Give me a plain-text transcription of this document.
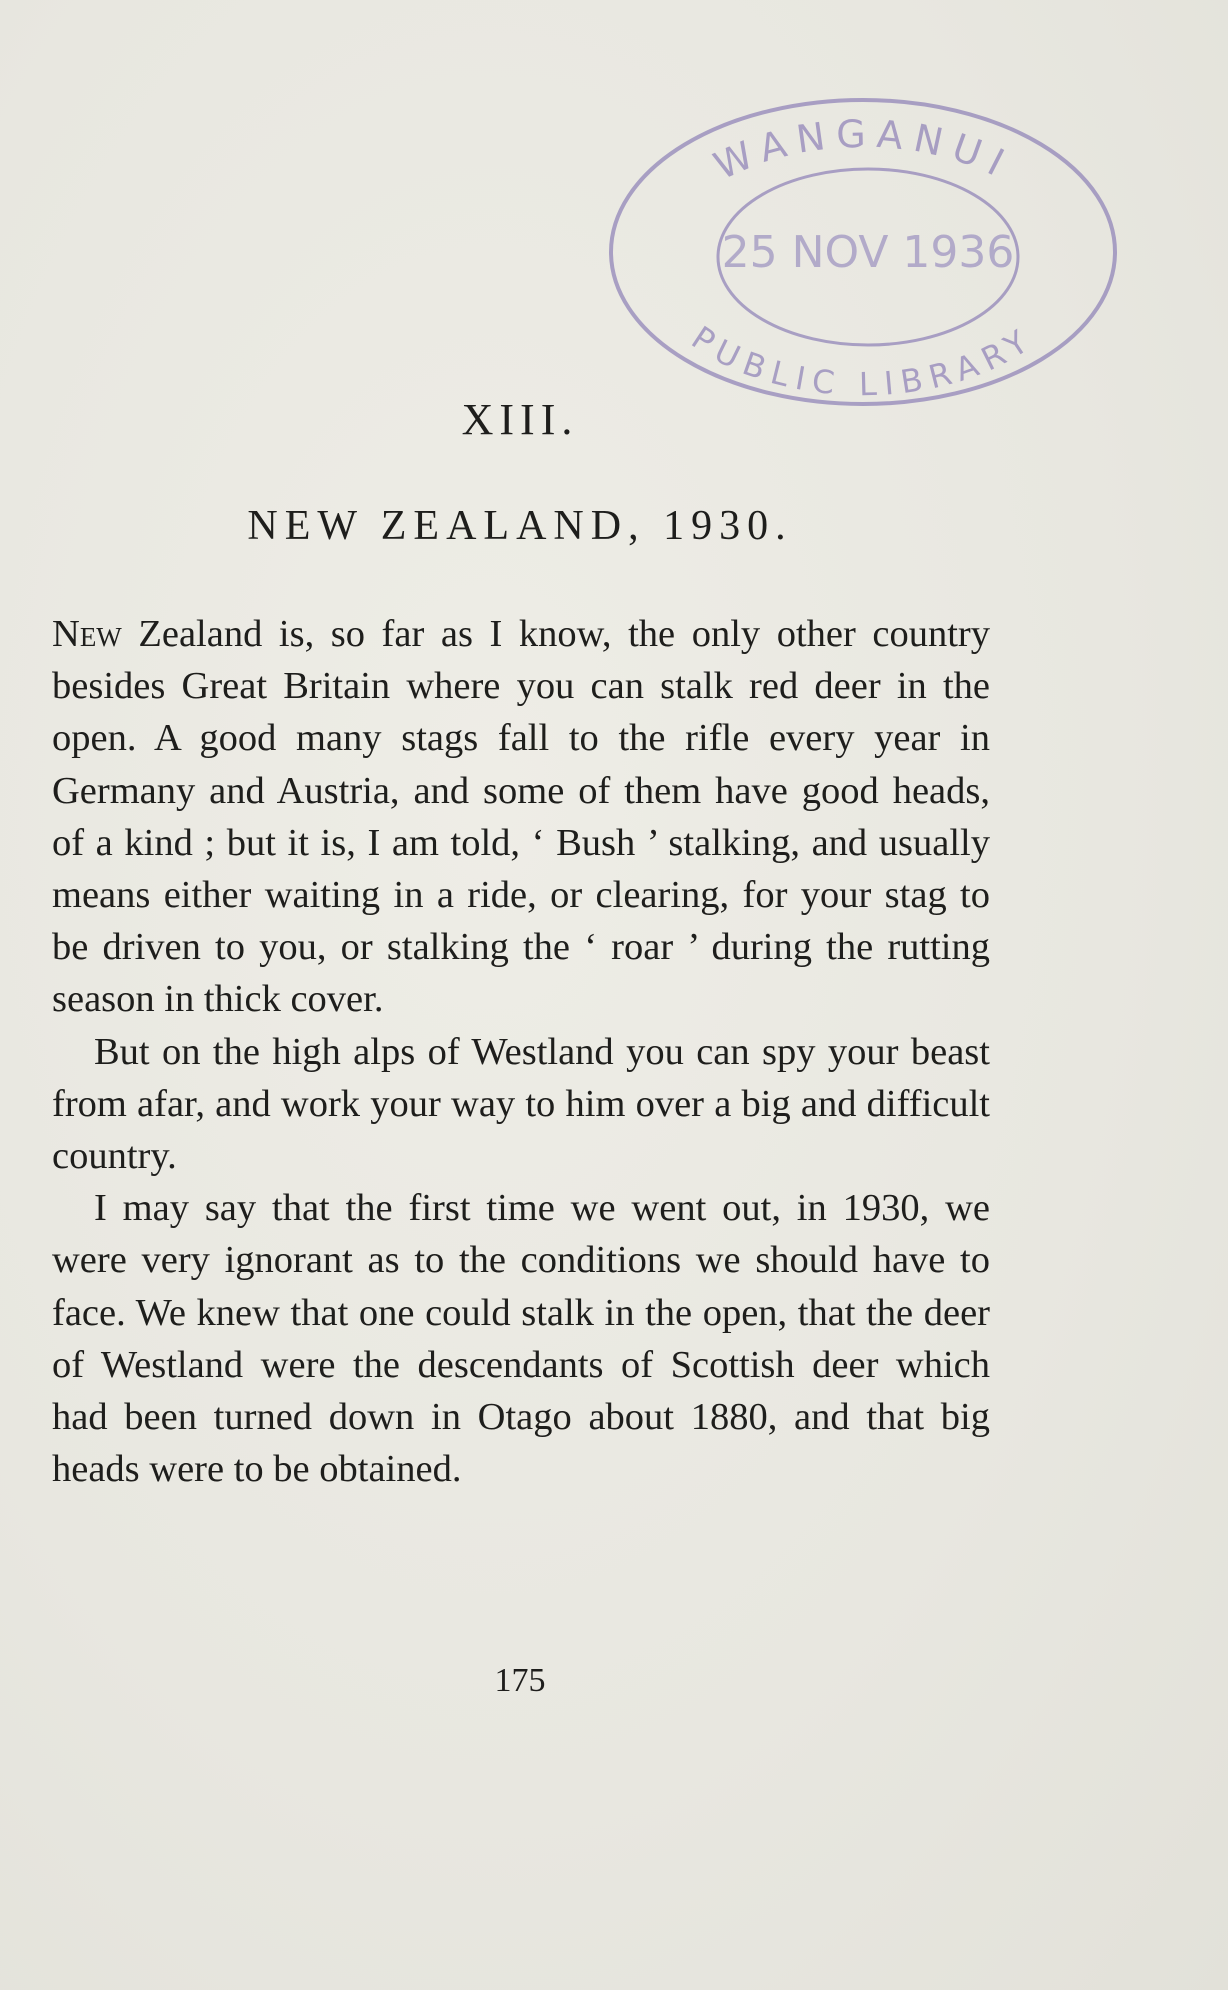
WANGANUI
25 NOV 1936
PUBLIC LIBRARY
XIII.
NEW ZEALAND, 1930.

New Zealand is, so far as I know, the only other country besides Great Britain where you can stalk red deer in the open. A good many stags fall to the rifle every year in Germany and Austria, and some of them have good heads, of a kind ; but it is, I am told, ‘ Bush ’ stalking, and usually means either waiting in a ride, or clearing, for your stag to be driven to you, or stalking the ‘ roar ’ during the rutting season in thick cover.

But on the high alps of Westland you can spy your beast from afar, and work your way to him over a big and difficult country.

I may say that the first time we went out, in 1930, we were very ignorant as to the conditions we should have to face. We knew that one could stalk in the open, that the deer of Westland were the descendants of Scottish deer which had been turned down in Otago about 1880, and that big heads were to be obtained.

175
